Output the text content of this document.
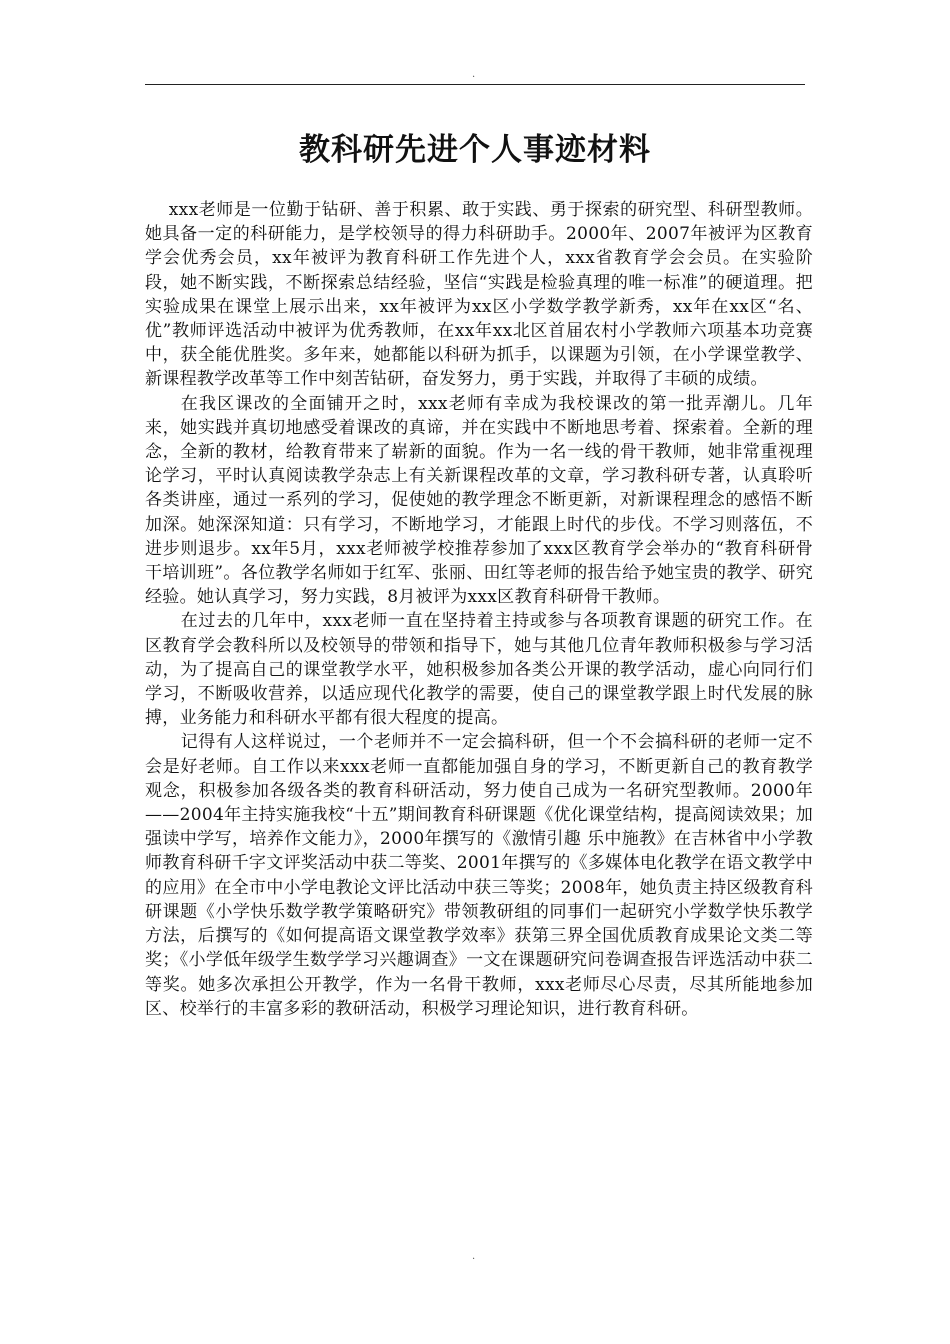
.
教科研先进个人事迹材料

xxx老师是一位勤于钻研、善于积累、敢于实践、勇于探索的研究型、科研型教师。她具备一定的科研能力，是学校领导的得力科研助手。2000年、2007年被评为区教育学会优秀会员，xx年被评为教育科研工作先进个人，xxx省教育学会会员。在实验阶段，她不断实践，不断探索总结经验，坚信“实践是检验真理的唯一标准”的硬道理。把实验成果在课堂上展示出来，xx年被评为xx区小学数学教学新秀，xx年在xx区“名、优”教师评选活动中被评为优秀教师，在xx年xx北区首届农村小学教师六项基本功竞赛中，获全能优胜奖。多年来，她都能以科研为抓手，以课题为引领，在小学课堂教学、新课程教学改革等工作中刻苦钻研，奋发努力，勇于实践，并取得了丰硕的成绩。

在我区课改的全面铺开之时，xxx老师有幸成为我校课改的第一批弄潮儿。几年来，她实践并真切地感受着课改的真谛，并在实践中不断地思考着、探索着。全新的理念，全新的教材，给教育带来了崭新的面貌。作为一名一线的骨干教师，她非常重视理论学习，平时认真阅读教学杂志上有关新课程改革的文章，学习教科研专著，认真聆听各类讲座，通过一系列的学习，促使她的教学理念不断更新，对新课程理念的感悟不断加深。她深深知道：只有学习，不断地学习，才能跟上时代的步伐。不学习则落伍，不进步则退步。xx年5月，xxx老师被学校推荐参加了xxx区教育学会举办的“教育科研骨干培训班”。各位教学名师如于红军、张丽、田红等老师的报告给予她宝贵的教学、研究经验。她认真学习，努力实践，8月被评为xxx区教育科研骨干教师。

在过去的几年中，xxx老师一直在坚持着主持或参与各项教育课题的研究工作。在区教育学会教科所以及校领导的带领和指导下，她与其他几位青年教师积极参与学习活动，为了提高自己的课堂教学水平，她积极参加各类公开课的教学活动，虚心向同行们学习，不断吸收营养，以适应现代化教学的需要，使自己的课堂教学跟上时代发展的脉搏，业务能力和科研水平都有很大程度的提高。

记得有人这样说过，一个老师并不一定会搞科研，但一个不会搞科研的老师一定不会是好老师。自工作以来xxx老师一直都能加强自身的学习，不断更新自己的教育教学观念，积极参加各级各类的教育科研活动，努力使自己成为一名研究型教师。2000年——2004年主持实施我校“十五”期间教育科研课题《优化课堂结构，提高阅读效果；加强读中学写，培养作文能力》，2000年撰写的《激情引趣 乐中施教》在吉林省中小学教师教育科研千字文评奖活动中获二等奖、2001年撰写的《多媒体电化教学在语文教学中的应用》在全市中小学电教论文评比活动中获三等奖；2008年，她负责主持区级教育科研课题《小学快乐数学教学策略研究》带领教研组的同事们一起研究小学数学快乐教学方法，后撰写的《如何提高语文课堂教学效率》获第三界全国优质教育成果论文类二等奖；《小学低年级学生数学学习兴趣调查》一文在课题研究问卷调查报告评选活动中获二等奖。她多次承担公开教学，作为一名骨干教师，xxx老师尽心尽责，尽其所能地参加区、校举行的丰富多彩的教研活动，积极学习理论知识，进行教育科研。

.
